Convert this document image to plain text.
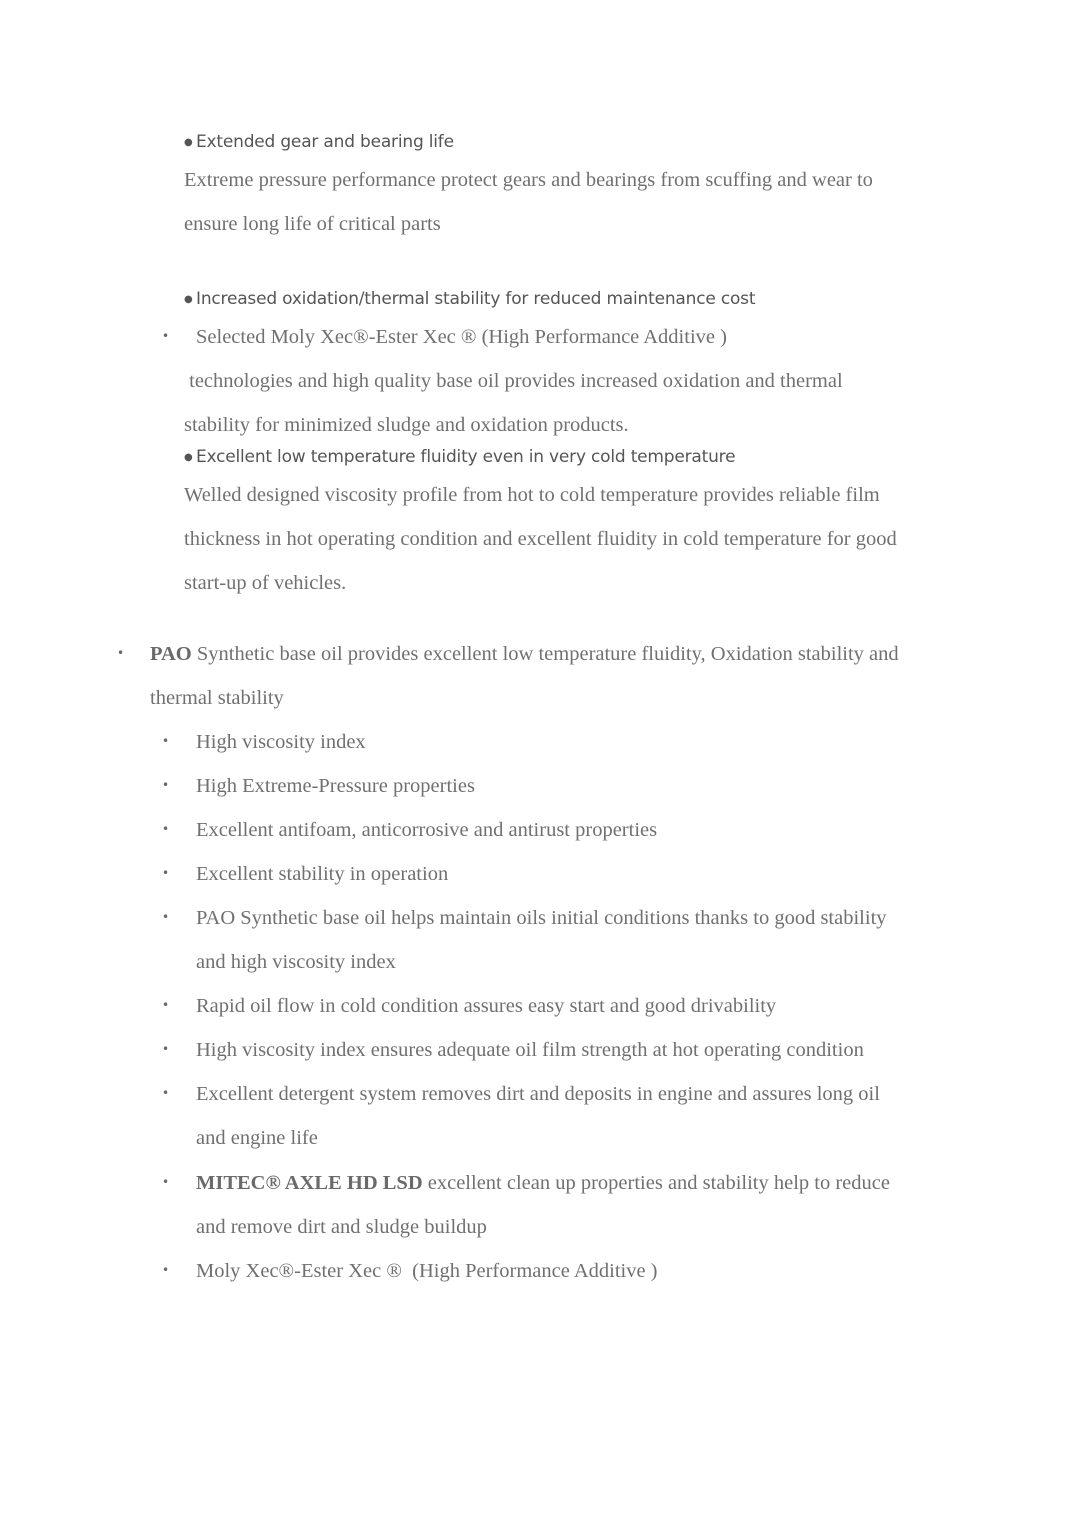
● Extended gear and bearing life
Extreme pressure performance protect gears and bearings from scuffing and wear to
ensure long life of critical parts
● Increased oxidation/thermal stability for reduced maintenance cost
• Selected Moly Xec®-Ester Xec ® (High Performance Additive )
technologies and high quality base oil provides increased oxidation and thermal
stability for minimized sludge and oxidation products.
● Excellent low temperature fluidity even in very cold temperature
Welled designed viscosity profile from hot to cold temperature provides reliable film
thickness in hot operating condition and excellent fluidity in cold temperature for good
start-up of vehicles.
• PAO Synthetic base oil provides excellent low temperature fluidity, Oxidation stability and
thermal stability
• High viscosity index
• High Extreme-Pressure properties
• Excellent antifoam, anticorrosive and antirust properties
• Excellent stability in operation
• PAO Synthetic base oil helps maintain oils initial conditions thanks to good stability
and high viscosity index
• Rapid oil flow in cold condition assures easy start and good drivability
• High viscosity index ensures adequate oil film strength at hot operating condition
• Excellent detergent system removes dirt and deposits in engine and assures long oil
and engine life
• MITEC® AXLE HD LSD excellent clean up properties and stability help to reduce
and remove dirt and sludge buildup
• Moly Xec®-Ester Xec ®  (High Performance Additive )
